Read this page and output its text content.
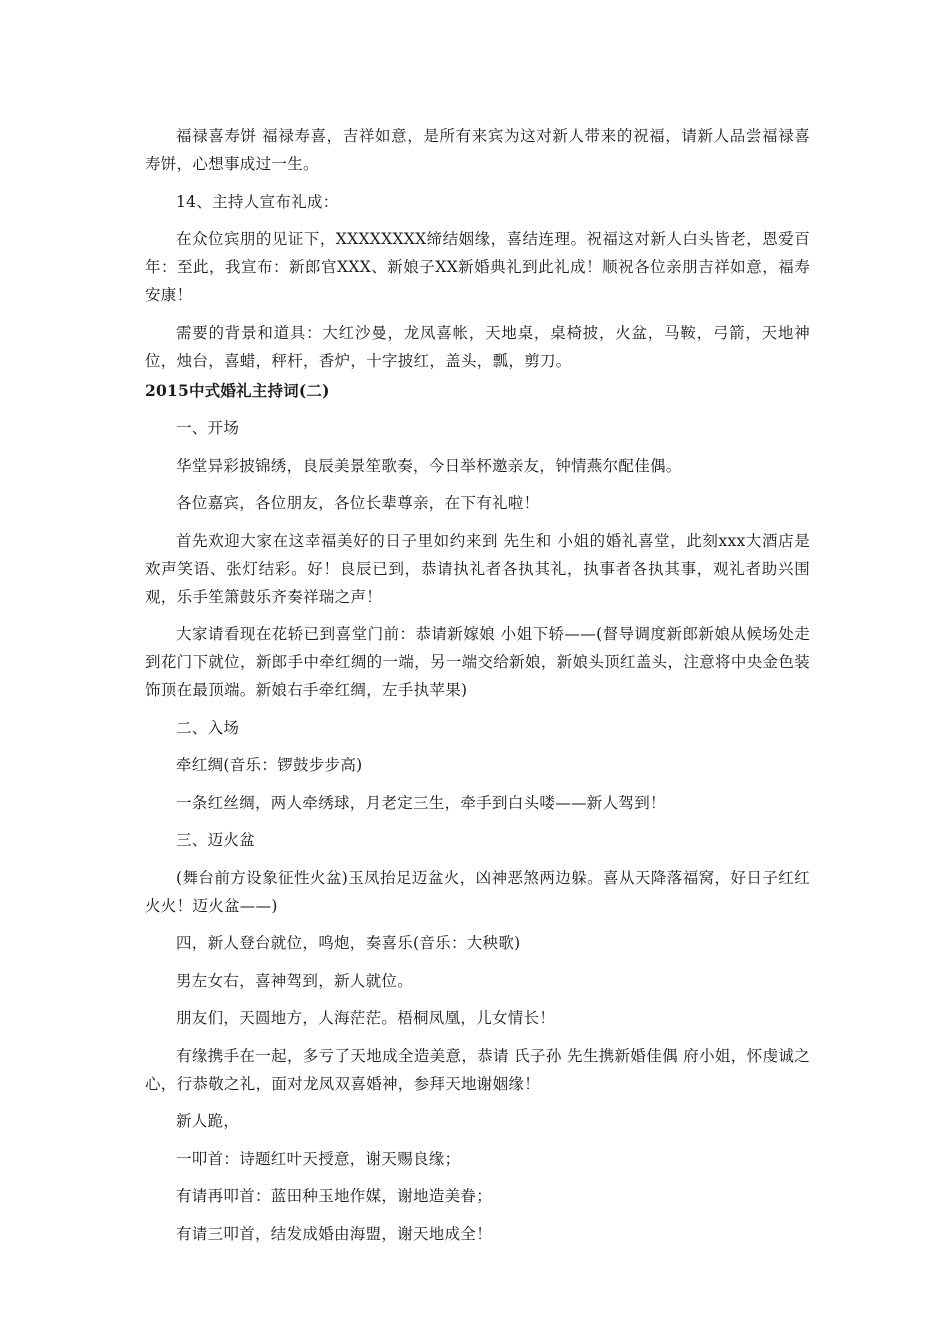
福禄喜寿饼 福禄寿喜，吉祥如意，是所有来宾为这对新人带来的祝福，请新人品尝福禄喜寿饼，心想事成过一生。

14、主持人宣布礼成：

在众位宾朋的见证下，XXXXXXXX缔结姻缘，喜结连理。祝福这对新人白头皆老，恩爱百年：至此，我宣布：新郎官XXX、新娘子XX新婚典礼到此礼成！顺祝各位亲朋吉祥如意，福寿安康！

需要的背景和道具：大红沙曼，龙凤喜帐，天地桌，桌椅披，火盆，马鞍，弓箭，天地神位，烛台，喜蜡，秤杆，香炉，十字披红，盖头，瓢，剪刀。

2015中式婚礼主持词(二)

一、开场

华堂异彩披锦绣，良辰美景笙歌奏，今日举杯邀亲友，钟情燕尔配佳偶。

各位嘉宾，各位朋友，各位长辈尊亲，在下有礼啦！

首先欢迎大家在这幸福美好的日子里如约来到 先生和 小姐的婚礼喜堂，此刻xxx大酒店是欢声笑语、张灯结彩。好！良辰已到，恭请执礼者各执其礼，执事者各执其事，观礼者助兴围观，乐手笙箫鼓乐齐奏祥瑞之声！

大家请看现在花轿已到喜堂门前：恭请新嫁娘 小姐下轿——(督导调度新郎新娘从候场处走到花门下就位，新郎手中牵红绸的一端，另一端交给新娘，新娘头顶红盖头，注意将中央金色装饰顶在最顶端。新娘右手牵红绸，左手执苹果)

二、入场

牵红绸(音乐：锣鼓步步高)

一条红丝绸，两人牵绣球，月老定三生，牵手到白头喽——新人驾到！

三、迈火盆

(舞台前方设象征性火盆)玉凤抬足迈盆火，凶神恶煞两边躲。喜从天降落福窝，好日子红红火火！迈火盆——)

四，新人登台就位，鸣炮，奏喜乐(音乐：大秧歌)

男左女右，喜神驾到，新人就位。

朋友们，天圆地方，人海茫茫。梧桐凤凰，儿女情长！

有缘携手在一起，多亏了天地成全造美意，恭请 氏子孙 先生携新婚佳偶 府小姐，怀虔诚之心，行恭敬之礼，面对龙凤双喜婚神，参拜天地谢姻缘！

新人跪，

一叩首：诗题红叶天授意，谢天赐良缘；

有请再叩首：蓝田种玉地作媒，谢地造美眷；

有请三叩首，结发成婚由海盟，谢天地成全！
